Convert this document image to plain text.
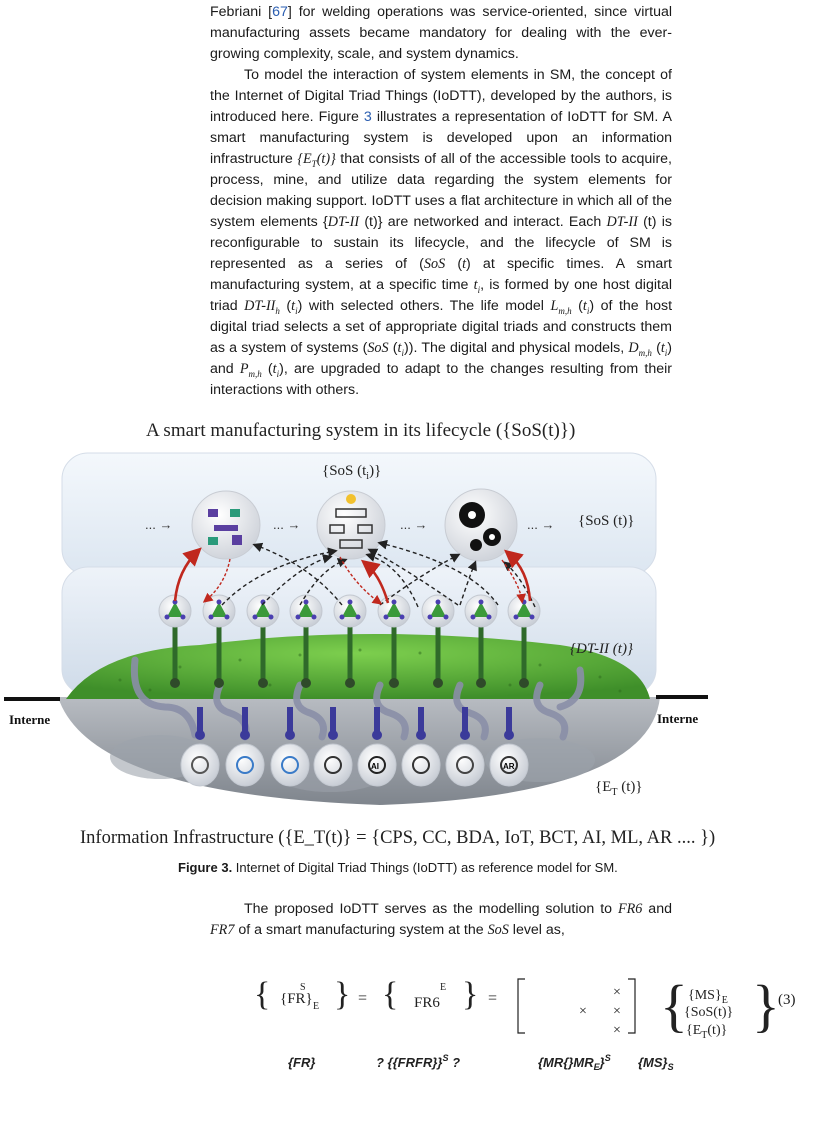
Febriani [67] for welding operations was service-oriented, since virtual manufacturing assets became mandatory for dealing with the ever-growing complexity, scale, and system dynamics.

To model the interaction of system elements in SM, the concept of the Internet of Digital Triad Things (IoDTT), developed by the authors, is introduced here. Figure 3 illustrates a representation of IoDTT for SM. A smart manufacturing system is developed upon an information infrastructure $\{E_T(t)\}$ that consists of all of the accessible tools to acquire, process, mine, and utilize data regarding the system elements for decision making support. IoDTT uses a flat architecture in which all of the system elements {DT-II (t)} are networked and interact. Each DT-II (t) is reconfigurable to sustain its lifecycle, and the lifecycle of SM is represented as a series of (SoS (t) at specific times. A smart manufacturing system, at a specific time $t_i$, is formed by one host digital triad $DT-II_h$ $(t_i)$ with selected others. The life model $L_{m,h}$ $(t_i)$ of the host digital triad selects a set of appropriate digital triads and constructs them as a system of systems (SoS $(t_i)$). The digital and physical models, $D_{m,h}$ $(t_i)$ and $P_{m,h}$ $(t_i)$, are upgraded to adapt to the changes resulting from their interactions with others.

A smart manufacturing system in its lifecycle ({SoS(t)})
AI	AR
... →	... →	... →	... →
{SoS $(t_i)$}
{SoS (t)}
{DT-II (t)}
{$E_T$ (t)}
Interne	Interne
Information Infrastructure ({E_T(t)} = {CPS, CC, BDA, IoT, BCT, AI, ML, AR .... })
Figure 3. Internet of Digital Triad Things (IoDTT) as reference model for SM.

The proposed IoDTT serves as the modelling solution to FR6 and FR7 of a smart manufacturing system at the SoS level as,

{ {FR}
S
E } = { FR6
E } =	×
× ×
× { $\{MS\}_E$
{SoS(t)}
$\{E_T(t)\}$ }
{FR}	? {{FRFR}}$^S$ ?	$\{MR\{\}MR_E\}^S$ $\{MS\}_S$
(3)
